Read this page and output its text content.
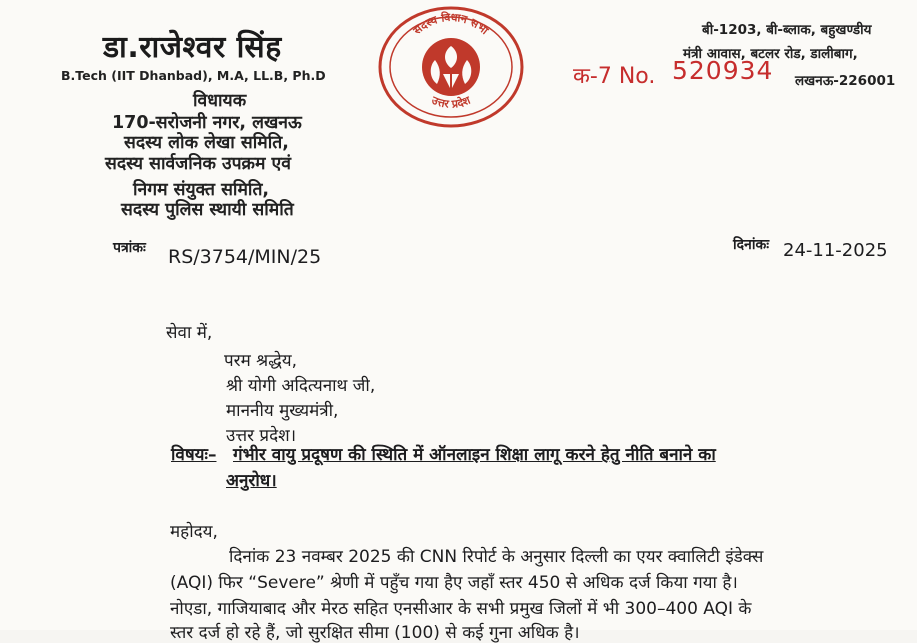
डा.राजेश्वर सिंह
B.Tech (IIT Dhanbad), M.A, LL.B, Ph.D
विधायक
170-सरोजनी नगर, लखनऊ
सदस्य लोक लेखा समिति,
सदस्य सार्वजनिक उपक्रम एवं
निगम संयुक्त समिति,
सदस्य पुलिस स्थायी समिति
सदस्य विधान सभा
उत्तर प्रदेश
बी-1203, बी-ब्लाक, बहुखण्डीय
मंत्री आवास, बटलर रोड, डालीबाग,
लखनऊ-226001
क-7 No. 520934
पत्रांकः RS/3754/MIN/25
दिनांकः 24-11-2025
सेवा में,
परम श्रद्धेय,
श्री योगी अदित्यनाथ जी,
माननीय मुख्यमंत्री,
उत्तर प्रदेश।
विषयः– गंभीर वायु प्रदूषण की स्थिति में ऑनलाइन शिक्षा लागू करने हेतु नीति बनाने का
अनुरोध।
महोदय,
दिनांक 23 नवम्बर 2025 की CNN रिपोर्ट के अनुसार दिल्ली का एयर क्वालिटी इंडेक्स
(AQI) फिर “Severe” श्रेणी में पहुँच गया हैए जहाँ स्तर 450 से अधिक दर्ज किया गया है।
नोएडा, गाजियाबाद और मेरठ सहित एनसीआर के सभी प्रमुख जिलों में भी 300–400 AQI के
स्तर दर्ज हो रहे हैं, जो सुरक्षित सीमा (100) से कई गुना अधिक है।
